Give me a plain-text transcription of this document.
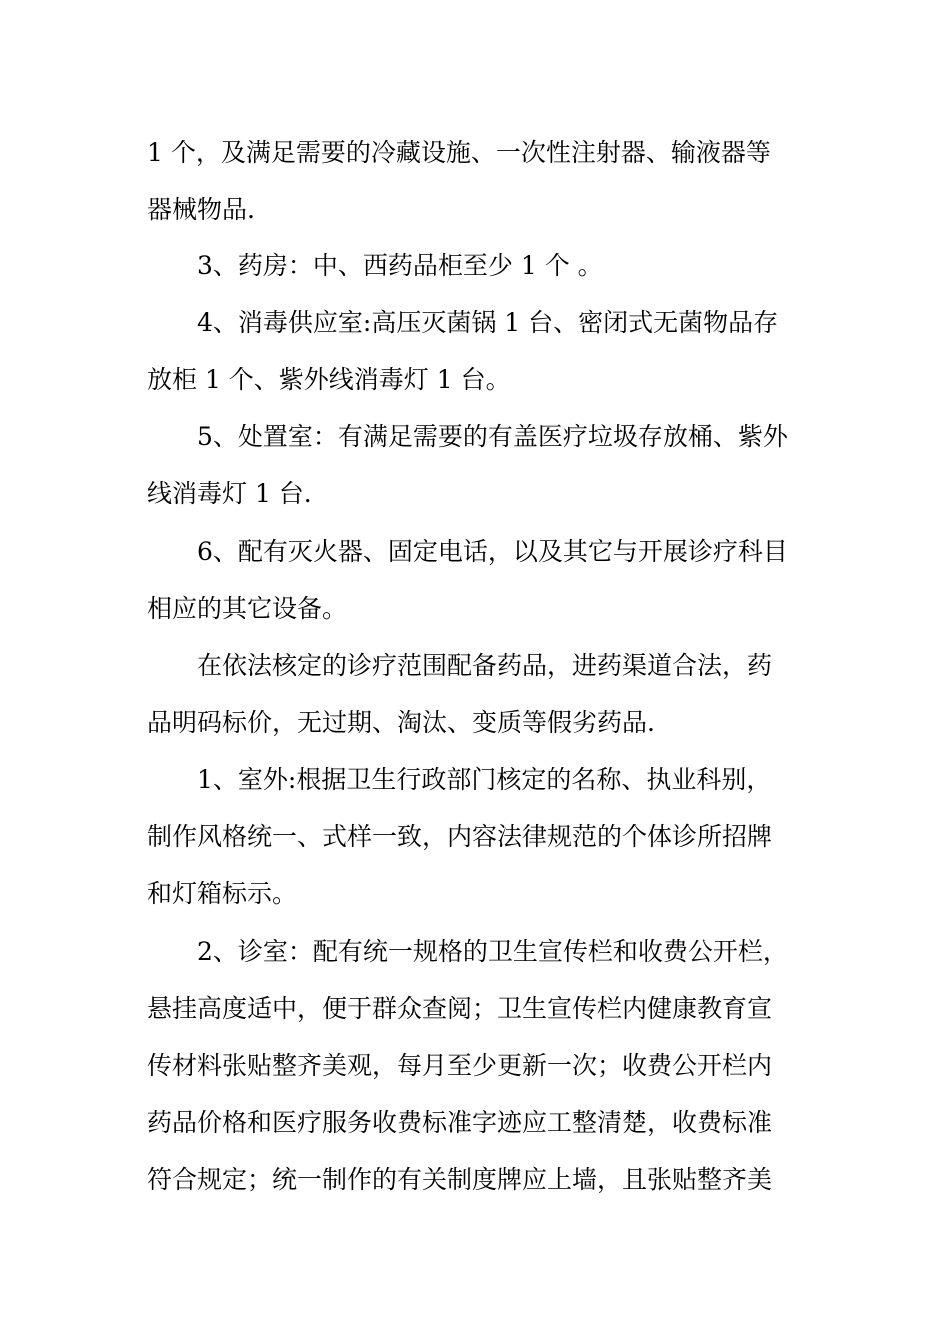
1 个，及满足需要的冷藏设施、一次性注射器、输液器等
器械物品.
3、药房：中、西药品柜至少 1 个 。
4、消毒供应室:高压灭菌锅 1 台、密闭式无菌物品存
放柜 1 个、紫外线消毒灯 1 台。
5、处置室：有满足需要的有盖医疗垃圾存放桶、紫外
线消毒灯 1 台.
6、配有灭火器、固定电话，以及其它与开展诊疗科目
相应的其它设备。
在依法核定的诊疗范围配备药品，进药渠道合法，药
品明码标价，无过期、淘汰、变质等假劣药品.
1、室外:根据卫生行政部门核定的名称、执业科别，
制作风格统一、式样一致，内容法律规范的个体诊所招牌
和灯箱标示。
2、诊室：配有统一规格的卫生宣传栏和收费公开栏，
悬挂高度适中，便于群众查阅；卫生宣传栏内健康教育宣
传材料张贴整齐美观，每月至少更新一次；收费公开栏内
药品价格和医疗服务收费标准字迹应工整清楚，收费标准
符合规定；统一制作的有关制度牌应上墙，且张贴整齐美
